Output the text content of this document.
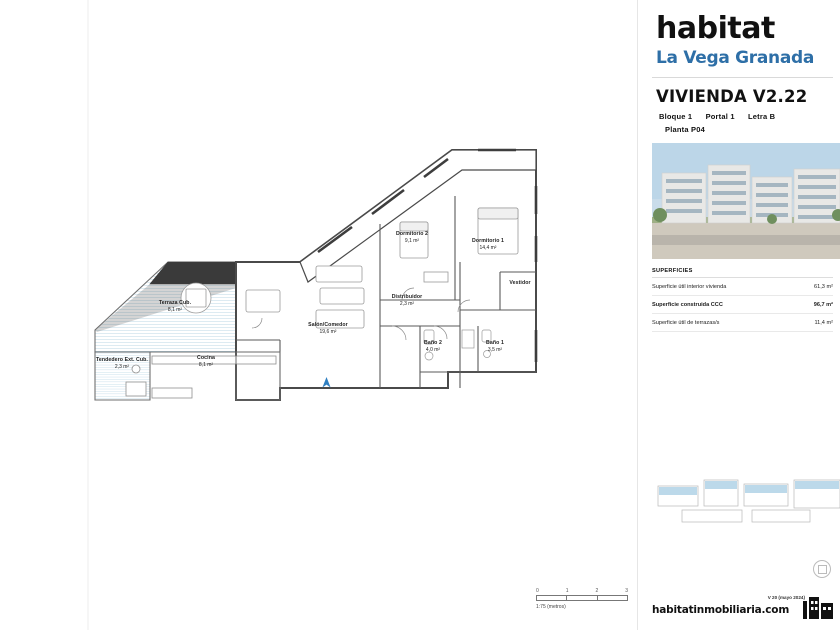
Terraza Cub.
8,1 m²
Tendedero Ext. Cub.
2,3 m²
Cocina
8,1 m²
Salón/Comedor
19,6 m²
Dormitorio 2
9,1 m²	Dormitorio 1
14,4 m²
Distribuidor
2,3 m²
Vestidor
Baño 2
4,0 m²
Baño 1
3,5 m²
0	1	2	3
1:75 (metros)
habitat
La Vega Granada
VIVIENDA V2.22
Bloque 1 Portal 1 Letra B
Planta P04
SUPERFICIES
Superficie útil interior vivienda	61,3 m²
Superficie construida CCC	96,7 m²
Superficie útil de terrazas/s	11,4 m²
V 20 (mayo 2024)
habitatinmobiliaria.com
